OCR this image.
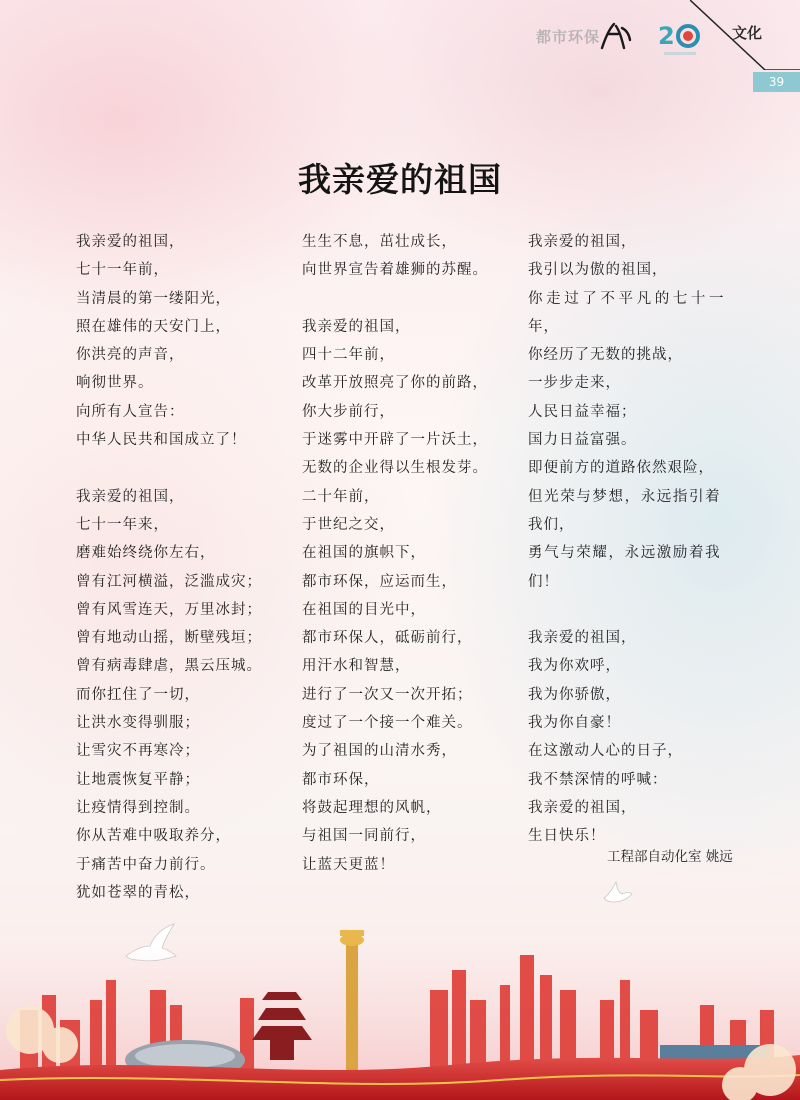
都市环保 2	文化
39
我亲爱的祖国
我亲爱的祖国，
七十一年前，
当清晨的第一缕阳光，
照在雄伟的天安门上，
你洪亮的声音，
响彻世界。
向所有人宣告：
中华人民共和国成立了！
我亲爱的祖国，
七十一年来，
磨难始终绕你左右，
曾有江河横溢，泛滥成灾；
曾有风雪连天，万里冰封；
曾有地动山摇，断壁残垣；
曾有病毒肆虐，黑云压城。
而你扛住了一切，
让洪水变得驯服；
让雪灾不再寒冷；
让地震恢复平静；
让疫情得到控制。
你从苦难中吸取养分，
于痛苦中奋力前行。
犹如苍翠的青松，
生生不息，茁壮成长，
向世界宣告着雄狮的苏醒。
我亲爱的祖国，
四十二年前，
改革开放照亮了你的前路，
你大步前行，
于迷雾中开辟了一片沃土，
无数的企业得以生根发芽。
二十年前，
于世纪之交，
在祖国的旗帜下，
都市环保，应运而生，
在祖国的目光中，
都市环保人，砥砺前行，
用汗水和智慧，
进行了一次又一次开拓；
度过了一个接一个难关。
为了祖国的山清水秀，
都市环保，
将鼓起理想的风帆，
与祖国一同前行，
让蓝天更蓝！
我亲爱的祖国，
我引以为傲的祖国，
你走过了不平凡的七十一
年，
你经历了无数的挑战，
一步步走来，
人民日益幸福；
国力日益富强。
即便前方的道路依然艰险，
但光荣与梦想，永远指引着
我们，
勇气与荣耀，永远激励着我
们！
我亲爱的祖国，
我为你欢呼，
我为你骄傲，
我为你自豪！
在这激动人心的日子，
我不禁深情的呼喊：
我亲爱的祖国，
生日快乐！
工程部自动化室 姚远
